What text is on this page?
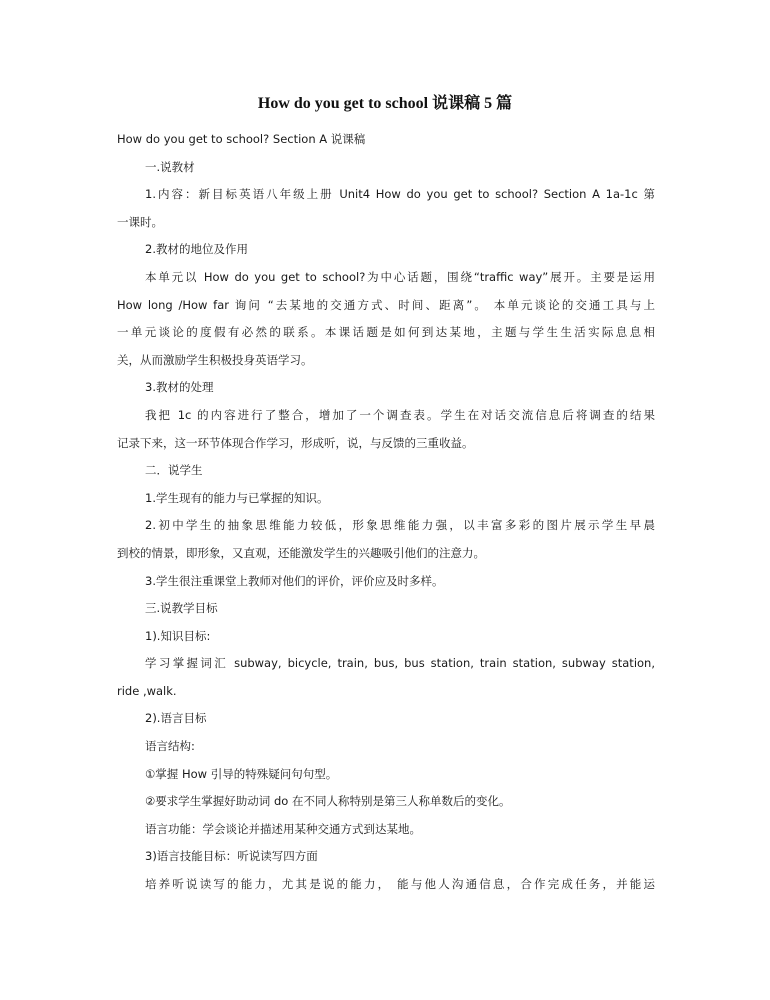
How do you get to school 说课稿 5 篇
How do you get to school? Section A 说课稿
一.说教材
1.内容：新目标英语八年级上册 Unit4 How do you get to school? Section A 1a-1c 第
一课时。
2.教材的地位及作用
本单元以 How do you get to school?为中心话题，围绕“traffic way”展开。主要是运用
How long /How far 询问 “去某地的交通方式、时间、距离”。 本单元谈论的交通工具与上
一单元谈论的度假有必然的联系。本课话题是如何到达某地，主题与学生生活实际息息相
关，从而激励学生积极投身英语学习。
3.教材的处理
我把 1c 的内容进行了整合，增加了一个调查表。学生在对话交流信息后将调查的结果
记录下来，这一环节体现合作学习，形成听，说，与反馈的三重收益。
二．说学生
1.学生现有的能力与已掌握的知识。
2.初中学生的抽象思维能力较低，形象思维能力强，以丰富多彩的图片展示学生早晨
到校的情景，即形象，又直观，还能激发学生的兴趣吸引他们的注意力。
3.学生很注重课堂上教师对他们的评价，评价应及时多样。
三.说教学目标
1).知识目标:
学习掌握词汇 subway, bicycle, train, bus, bus station, train station, subway station,
ride ,walk.
2).语言目标
语言结构:
①掌握 How 引导的特殊疑问句句型。
②要求学生掌握好助动词 do 在不同人称特别是第三人称单数后的变化。
语言功能：学会谈论并描述用某种交通方式到达某地。
3)语言技能目标：听说读写四方面
培养听说读写的能力，尤其是说的能力， 能与他人沟通信息，合作完成任务，并能运
